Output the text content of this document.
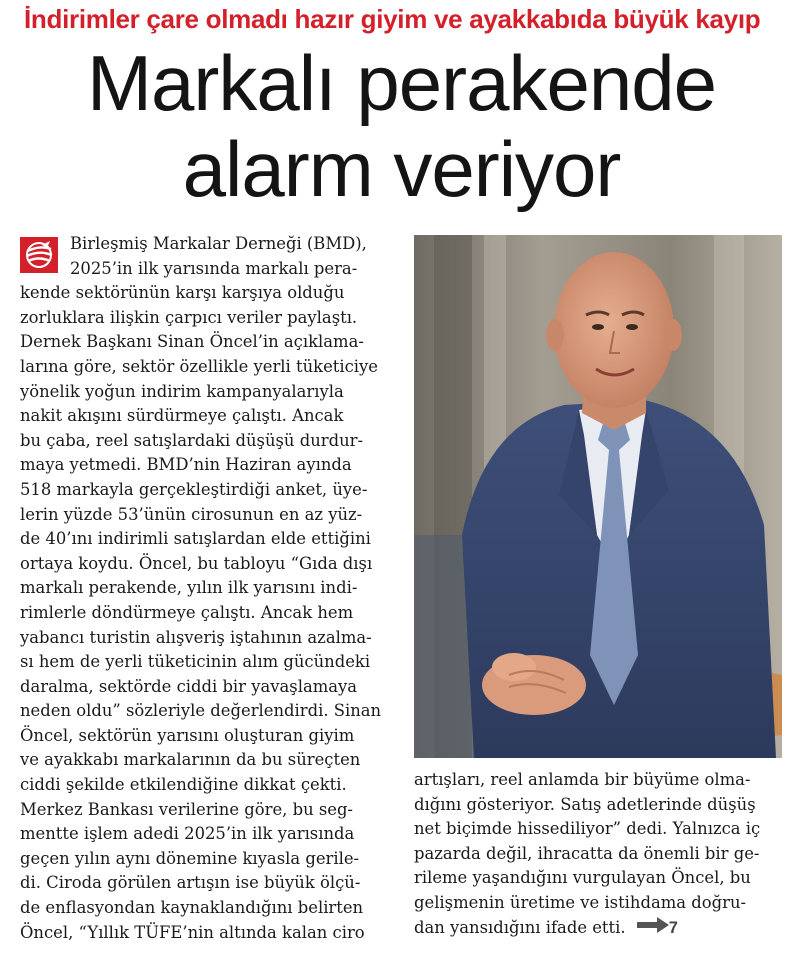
İndirimler çare olmadı hazır giyim ve ayakkabıda büyük kayıp
Markalı perakende
alarm veriyor
Birleşmiş Markalar Derneği (BMD),
2025’in ilk yarısında markalı pera-
kende sektörünün karşı karşıya olduğu
zorluklara ilişkin çarpıcı veriler paylaştı.
Dernek Başkanı Sinan Öncel’in açıklama-
larına göre, sektör özellikle yerli tüketiciye
yönelik yoğun indirim kampanyalarıyla
nakit akışını sürdürmeye çalıştı. Ancak
bu çaba, reel satışlardaki düşüşü durdur-
maya yetmedi. BMD’nin Haziran ayında
518 markayla gerçekleştirdiği anket, üye-
lerin yüzde 53’ünün cirosunun en az yüz-
de 40’ını indirimli satışlardan elde ettiğini
ortaya koydu. Öncel, bu tabloyu “Gıda dışı
markalı perakende, yılın ilk yarısını indi-
rimlerle döndürmeye çalıştı. Ancak hem
yabancı turistin alışveriş iştahının azalma-
sı hem de yerli tüketicinin alım gücündeki
daralma, sektörde ciddi bir yavaşlamaya
neden oldu” sözleriyle değerlendirdi. Sinan
Öncel, sektörün yarısını oluşturan giyim
ve ayakkabı markalarının da bu süreçten
ciddi şekilde etkilendiğine dikkat çekti.
Merkez Bankası verilerine göre, bu seg-
mentte işlem adedi 2025’in ilk yarısında
geçen yılın aynı dönemine kıyasla gerile-
di. Ciroda görülen artışın ise büyük ölçü-
de enflasyondan kaynaklandığını belirten
Öncel, “Yıllık TÜFE’nin altında kalan ciro
artışları, reel anlamda bir büyüme olma-
dığını gösteriyor. Satış adetlerinde düşüş
net biçimde hissediliyor” dedi. Yalnızca iç
pazarda değil, ihracatta da önemli bir ge-
rileme yaşandığını vurgulayan Öncel, bu
gelişmenin üretime ve istihdama doğru-
dan yansıdığını ifade etti.	7
